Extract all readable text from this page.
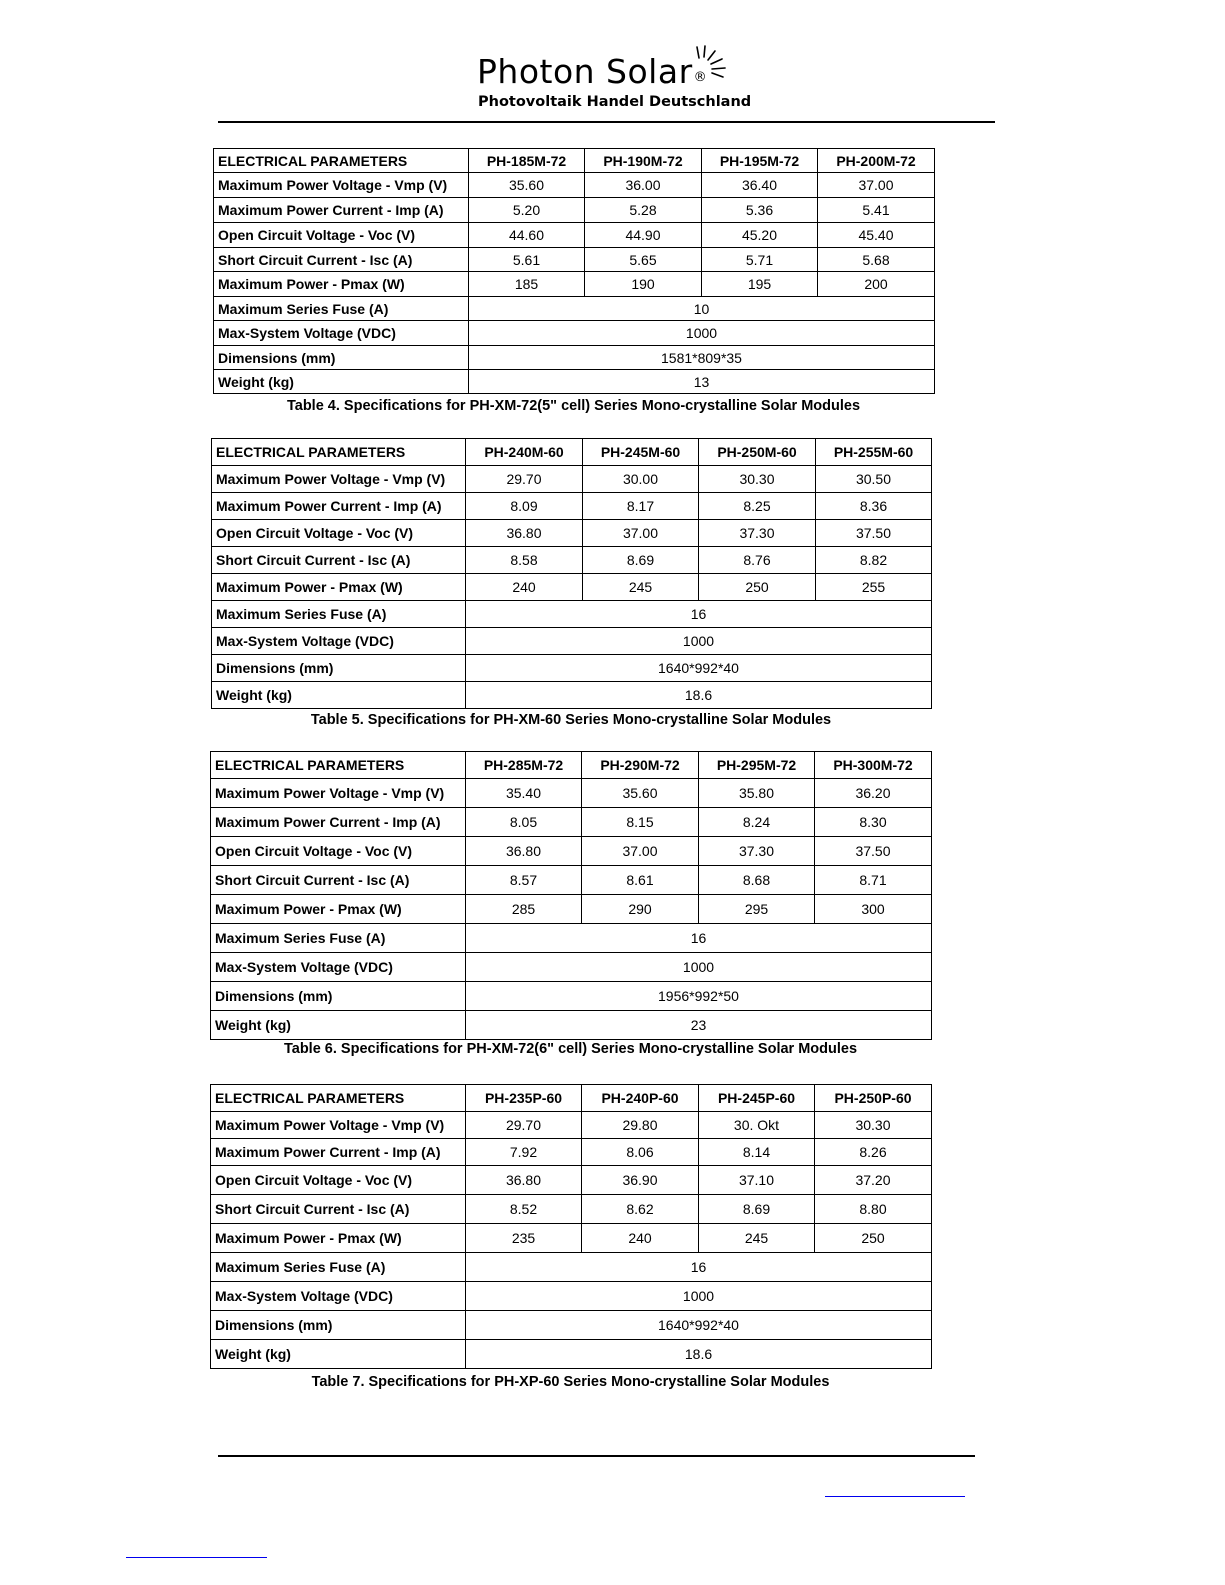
Photon Solar®
Photovoltaik Handel Deutschland
ELECTRICAL PARAMETERS	PH-185M-72	PH-190M-72	PH-195M-72	PH-200M-72
Maximum Power Voltage - Vmp (V)	35.60	36.00	36.40	37.00
Maximum Power Current - Imp (A)	5.20	5.28	5.36	5.41
Open Circuit Voltage - Voc (V)	44.60	44.90	45.20	45.40
Short Circuit Current - Isc (A)	5.61	5.65	5.71	5.68
Maximum Power - Pmax (W)	185	190	195	200
Maximum Series Fuse (A)	10			
Max-System Voltage (VDC)	1000			
Dimensions (mm)	1581*809*35			
Weight (kg)	13			
Table 4. Specifications for PH-XM-72(5" cell) Series Mono-crystalline Solar Modules
ELECTRICAL PARAMETERS	PH-240M-60	PH-245M-60	PH-250M-60	PH-255M-60
Maximum Power Voltage - Vmp (V)	29.70	30.00	30.30	30.50
Maximum Power Current - Imp (A)	8.09	8.17	8.25	8.36
Open Circuit Voltage - Voc (V)	36.80	37.00	37.30	37.50
Short Circuit Current - Isc (A)	8.58	8.69	8.76	8.82
Maximum Power - Pmax (W)	240	245	250	255
Maximum Series Fuse (A)	16			
Max-System Voltage (VDC)	1000			
Dimensions (mm)	1640*992*40			
Weight (kg)	18.6			
Table 5. Specifications for PH-XM-60 Series Mono-crystalline Solar Modules
ELECTRICAL PARAMETERS	PH-285M-72	PH-290M-72	PH-295M-72	PH-300M-72
Maximum Power Voltage - Vmp (V)	35.40	35.60	35.80	36.20
Maximum Power Current - Imp (A)	8.05	8.15	8.24	8.30
Open Circuit Voltage - Voc (V)	36.80	37.00	37.30	37.50
Short Circuit Current - Isc (A)	8.57	8.61	8.68	8.71
Maximum Power - Pmax (W)	285	290	295	300
Maximum Series Fuse (A)	16			
Max-System Voltage (VDC)	1000			
Dimensions (mm)	1956*992*50			
Weight (kg)	23			
Table 6. Specifications for PH-XM-72(6" cell) Series Mono-crystalline Solar Modules
ELECTRICAL PARAMETERS	PH-235P-60	PH-240P-60	PH-245P-60	PH-250P-60
Maximum Power Voltage - Vmp (V)	29.70	29.80	30. Okt	30.30
Maximum Power Current - Imp (A)	7.92	8.06	8.14	8.26
Open Circuit Voltage - Voc (V)	36.80	36.90	37.10	37.20
Short Circuit Current - Isc (A)	8.52	8.62	8.69	8.80
Maximum Power - Pmax (W)	235	240	245	250
Maximum Series Fuse (A)	16			
Max-System Voltage (VDC)	1000			
Dimensions (mm)	1640*992*40			
Weight (kg)	18.6			
Table 7. Specifications for PH-XP-60 Series Mono-crystalline Solar Modules
